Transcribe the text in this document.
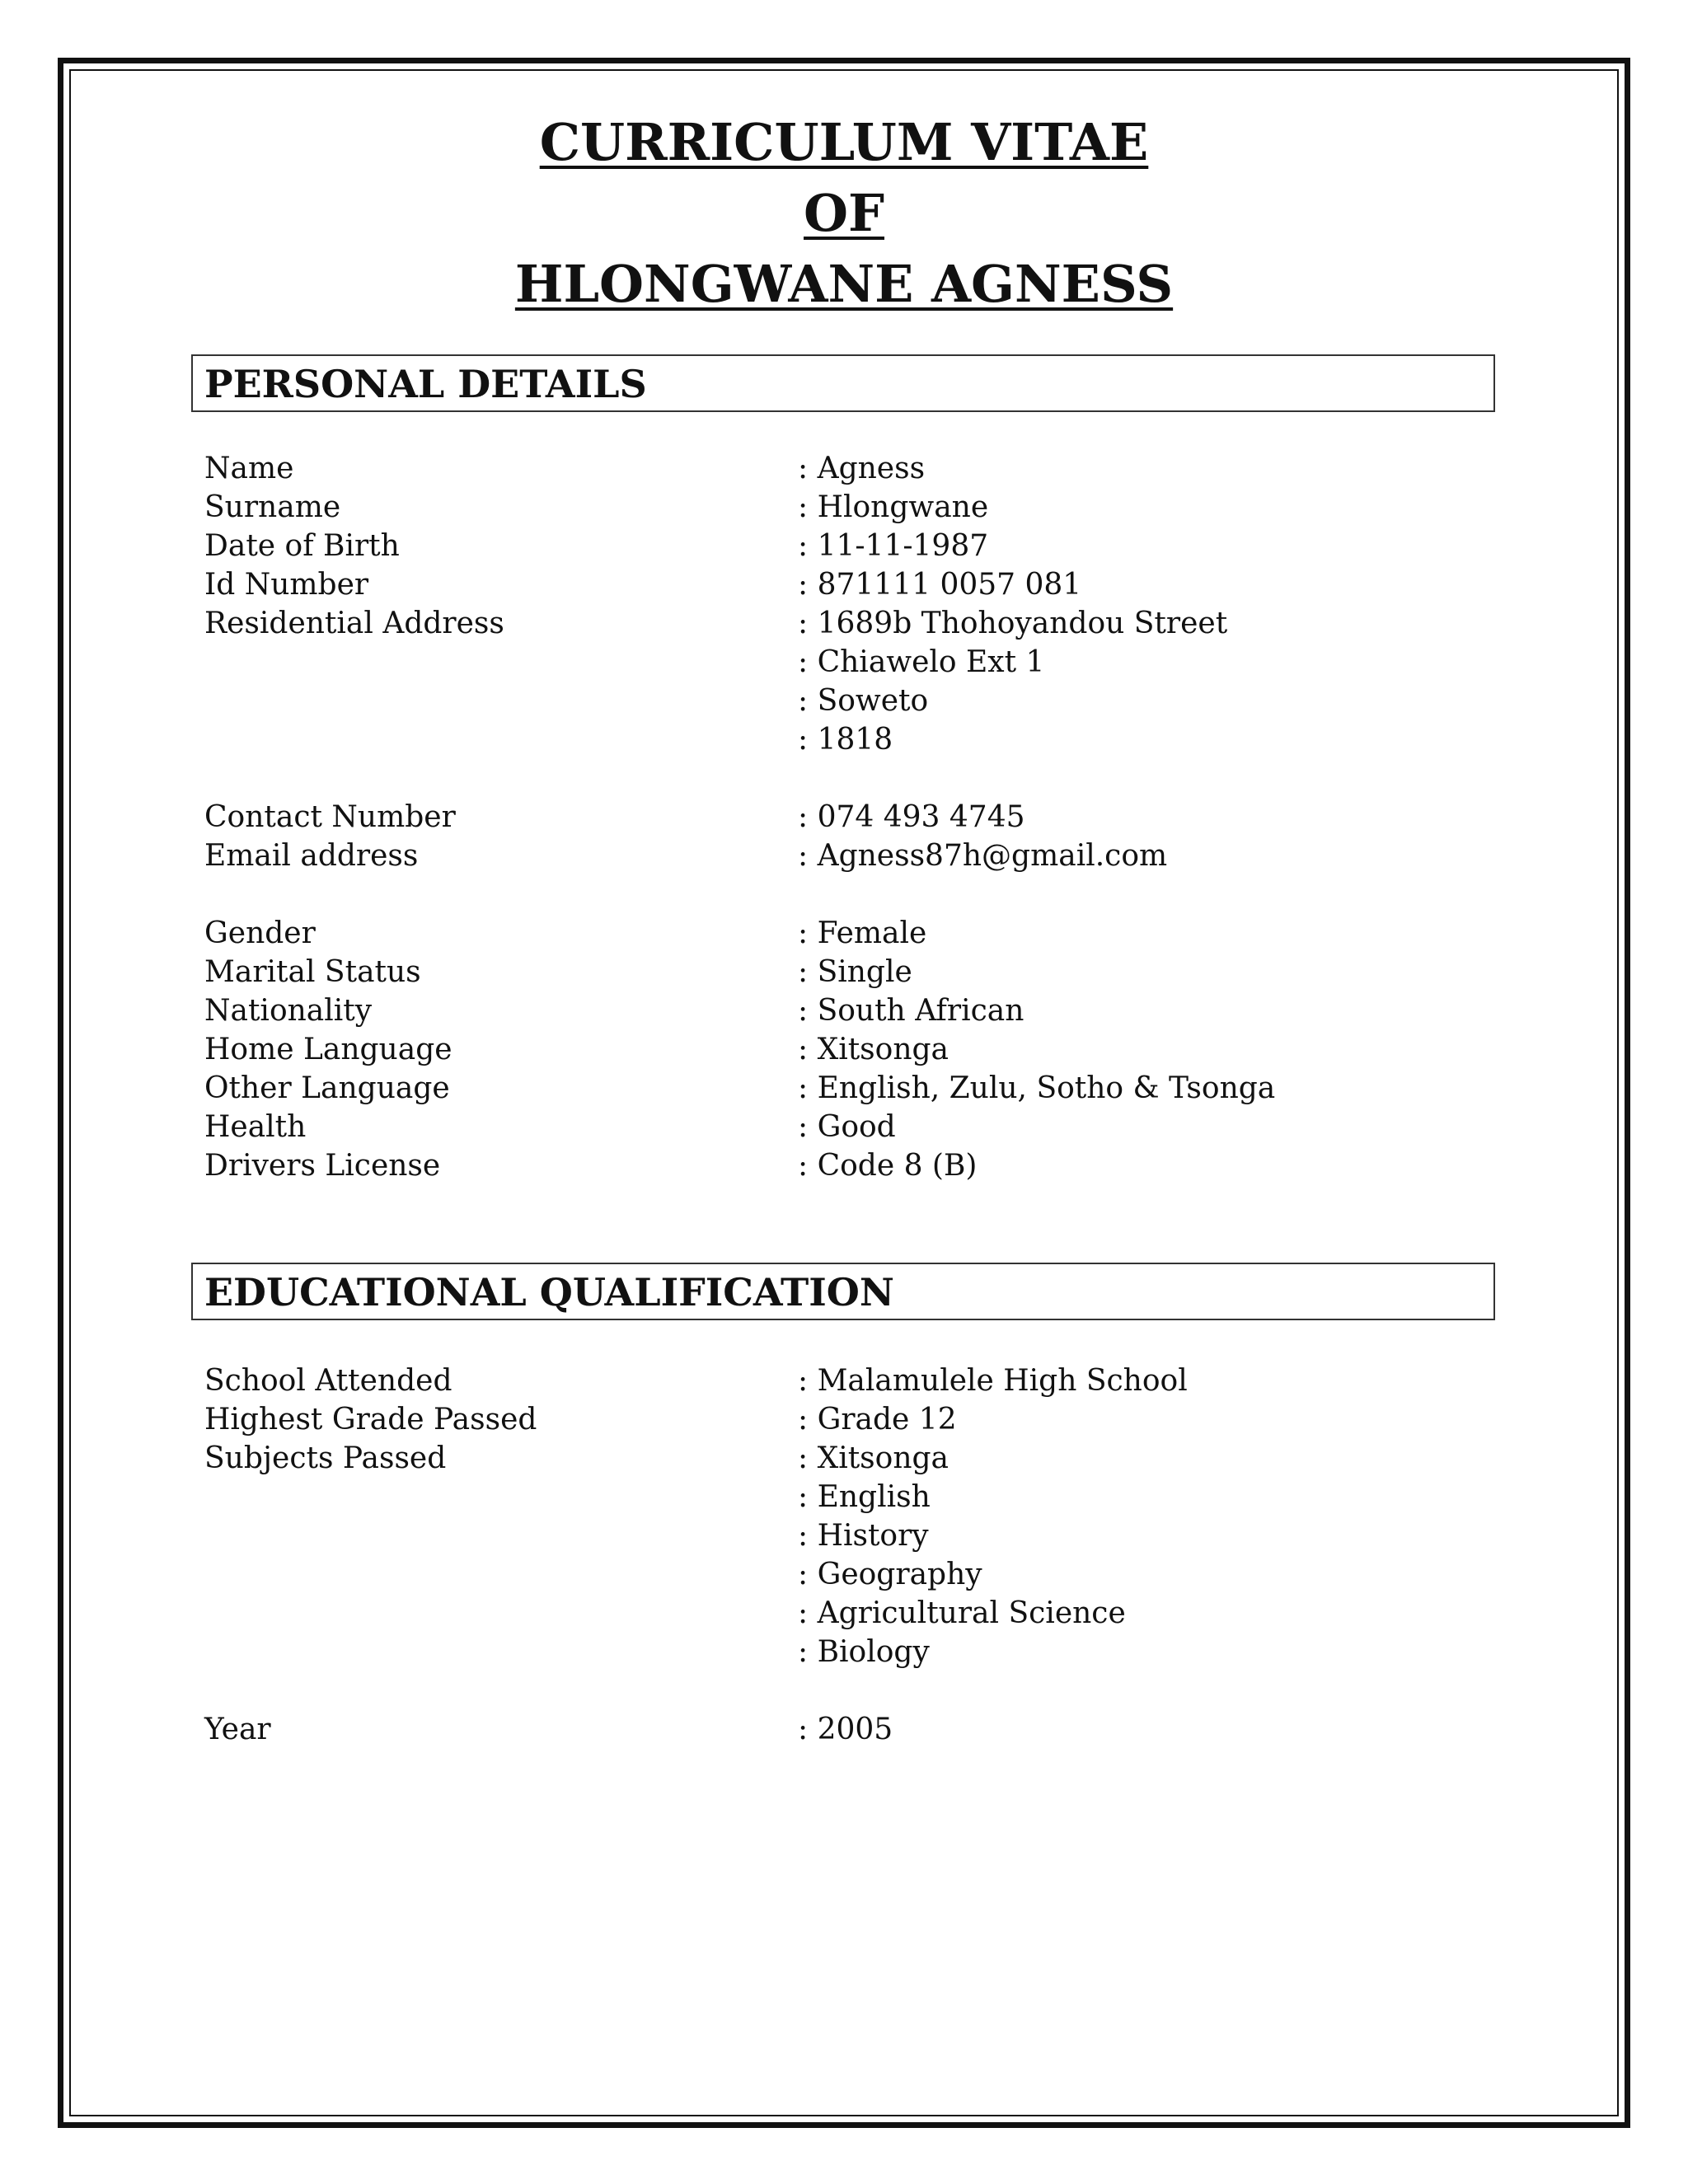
CURRICULUM VITAE
OF
HLONGWANE AGNESS
PERSONAL DETAILS
Name	: Agness
Surname	: Hlongwane
Date of Birth	: 11-11-1987
Id Number	: 871111 0057 081
Residential Address	: 1689b Thohoyandou Street
: Chiawelo Ext 1
: Soweto
: 1818
Contact Number	: 074 493 4745
Email address	: Agness87h@gmail.com
Gender	: Female
Marital Status	: Single
Nationality	: South African
Home Language	: Xitsonga
Other Language	: English, Zulu, Sotho & Tsonga
Health	: Good
Drivers License	: Code 8 (B)
EDUCATIONAL QUALIFICATION
School Attended	: Malamulele High School
Highest Grade Passed	: Grade 12
Subjects Passed	: Xitsonga
: English
: History
: Geography
: Agricultural Science
: Biology
Year	: 2005
